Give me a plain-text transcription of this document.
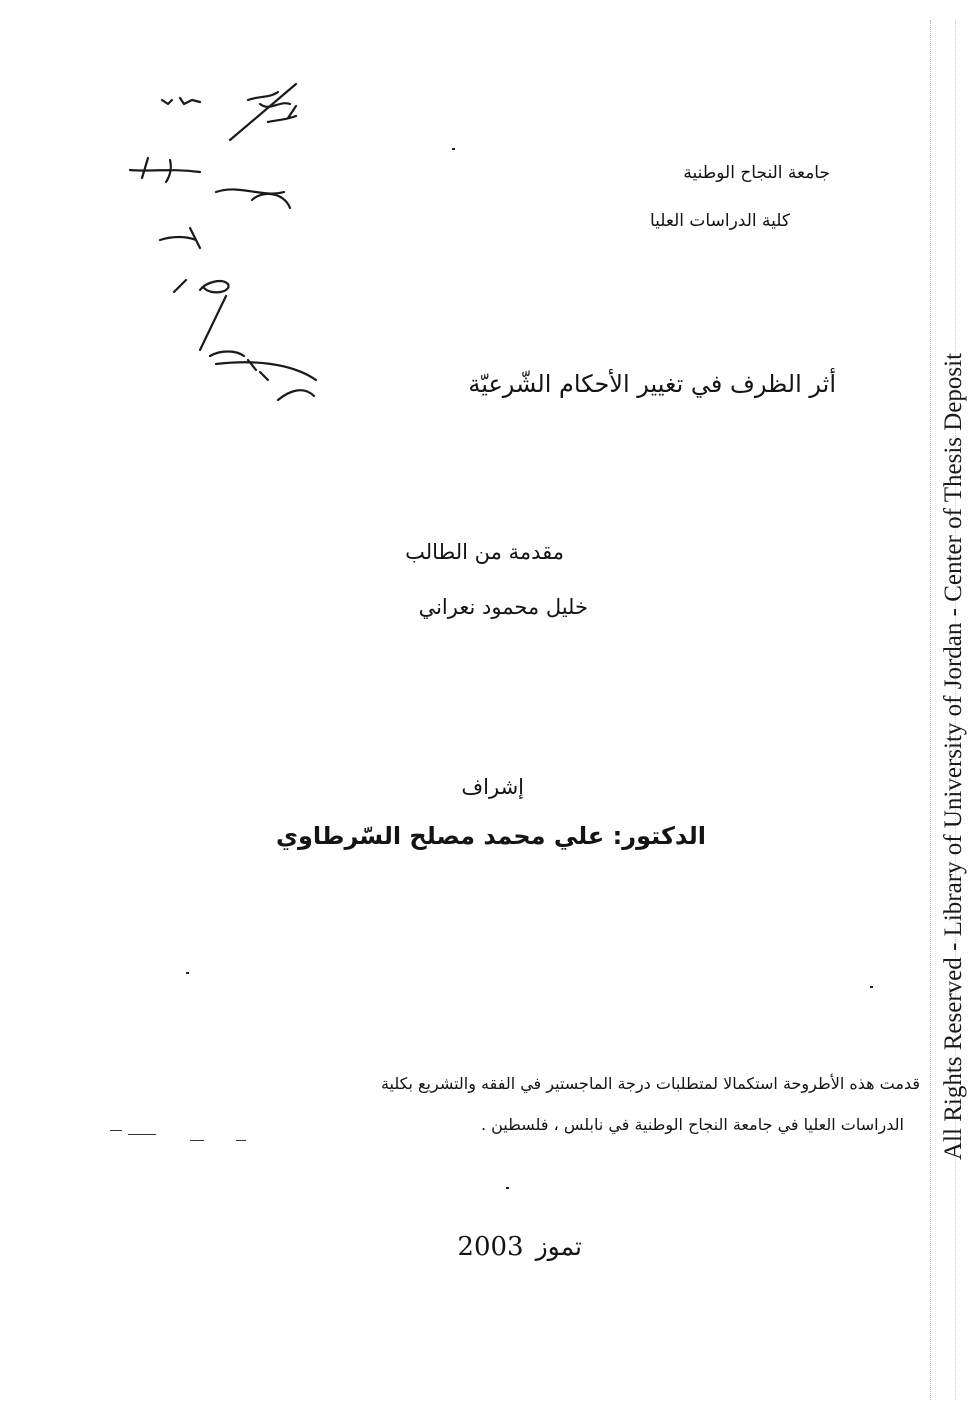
جامعة النجاح الوطنية
كلية الدراسات العليا
أثر الظرف في تغيير الأحكام الشّرعيّة
مقدمة من الطالب
خليل محمود نعراني
إشراف
الدكتور: علي محمد مصلح السّرطاوي
قدمت هذه الأطروحة استكمالا لمتطلبات درجة الماجستير في الفقه والتشريع بكلية
الدراسات العليا في جامعة النجاح الوطنية في نابلس ، فلسطين .
تموز2003
All Rights Reserved - Library of University of Jordan - Center of Thesis Deposit
